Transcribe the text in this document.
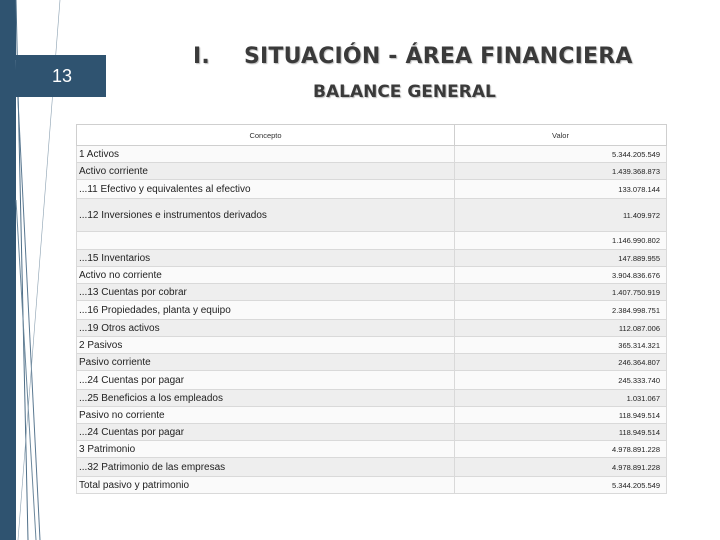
13
I. SITUACIÓN - ÁREA FINANCIERA
BALANCE GENERAL
Concepto	Valor
1 Activos	5.344.205.549
Activo corriente	1.439.368.873
...11 Efectivo y equivalentes al efectivo	133.078.144
...12 Inversiones e instrumentos derivados	11.409.972
	1.146.990.802
...15 Inventarios	147.889.955
Activo no corriente	3.904.836.676
...13 Cuentas por cobrar	1.407.750.919
...16 Propiedades, planta y equipo	2.384.998.751
...19 Otros activos	112.087.006
2 Pasivos	365.314.321
Pasivo corriente	246.364.807
...24 Cuentas por pagar	245.333.740
...25 Beneficios a los empleados	1.031.067
Pasivo no corriente	118.949.514
...24 Cuentas por pagar	118.949.514
3 Patrimonio	4.978.891.228
...32 Patrimonio de las empresas	4.978.891.228
Total pasivo y patrimonio	5.344.205.549
